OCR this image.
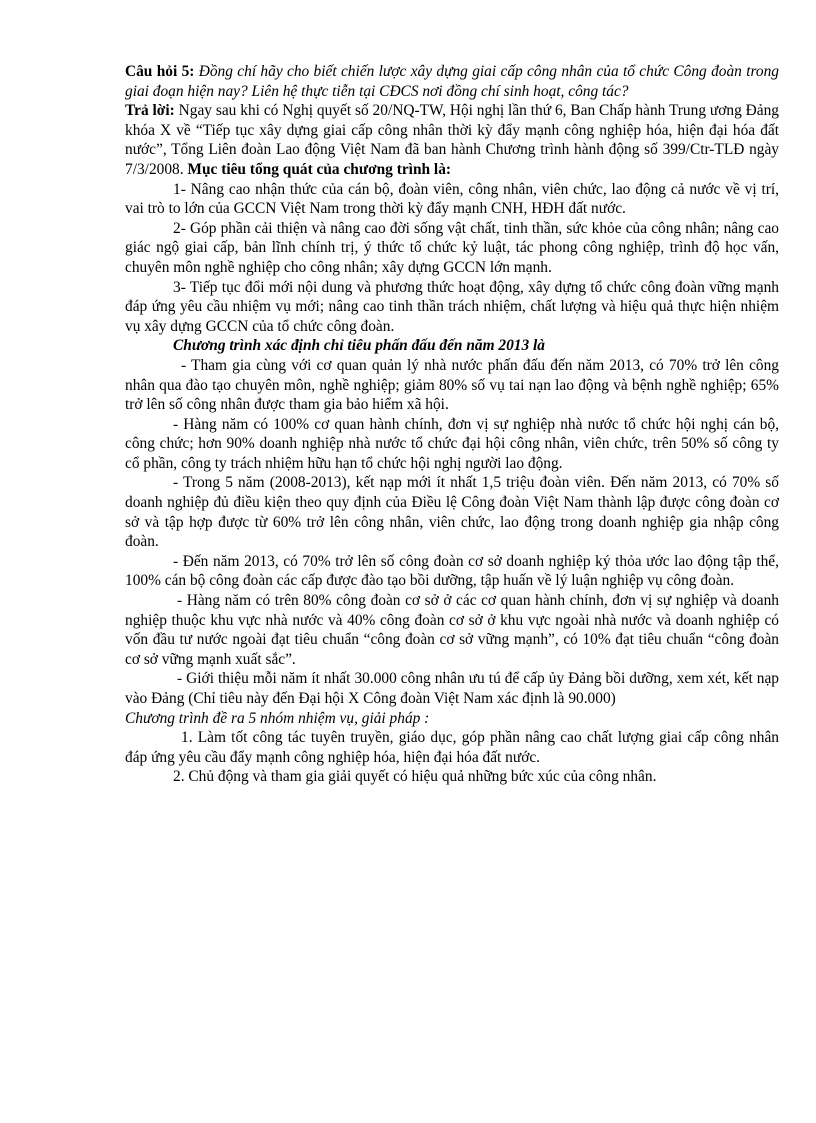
Câu hỏi 5: Đồng chí hãy cho biết chiến lược xây dựng giai cấp công nhân của tổ chức Công đoàn trong giai đoạn hiện nay? Liên hệ thực tiễn tại CĐCS nơi đồng chí sinh hoạt, công tác?

Trả lời: Ngay sau khi có Nghị quyết số 20/NQ-TW, Hội nghị lần thứ 6, Ban Chấp hành Trung ương Đảng khóa X về “Tiếp tục xây dựng giai cấp công nhân thời kỳ đẩy mạnh công nghiệp hóa, hiện đại hóa đất nước”, Tổng Liên đoàn Lao động Việt Nam đã ban hành Chương trình hành động số 399/Ctr-TLĐ ngày 7/3/2008. Mục tiêu tổng quát của chương trình là:

1- Nâng cao nhận thức của cán bộ, đoàn viên, công nhân, viên chức, lao động cả nước về vị trí, vai trò to lớn của GCCN Việt Nam trong thời kỳ đẩy mạnh CNH, HĐH đất nước.

2- Góp phần cải thiện và nâng cao đời sống vật chất, tinh thần, sức khỏe của công nhân; nâng cao giác ngộ giai cấp, bản lĩnh chính trị, ý thức tổ chức kỷ luật, tác phong công nghiệp, trình độ học vấn, chuyên môn nghề nghiệp cho công nhân; xây dựng GCCN lớn mạnh.

3- Tiếp tục đổi mới nội dung và phương thức hoạt động, xây dựng tổ chức công đoàn vững mạnh đáp ứng yêu cầu nhiệm vụ mới; nâng cao tinh thần trách nhiệm, chất lượng và hiệu quả thực hiện nhiệm vụ xây dựng GCCN của tổ chức công đoàn.

Chương trình xác định chỉ tiêu phấn đấu đến năm 2013 là

- Tham gia cùng với cơ quan quản lý nhà nước phấn đấu đến năm 2013, có 70% trở lên công nhân qua đào tạo chuyên môn, nghề nghiệp; giảm 80% số vụ tai nạn lao động và bệnh nghề nghiệp; 65% trở lên số công nhân được tham gia bảo hiểm xã hội.

- Hàng năm có 100% cơ quan hành chính, đơn vị sự nghiệp nhà nước tổ chức hội nghị cán bộ, công chức; hơn 90% doanh nghiệp nhà nước tổ chức đại hội công nhân, viên chức, trên 50% số công ty cổ phần, công ty trách nhiệm hữu hạn tổ chức hội nghị người lao động.

- Trong 5 năm (2008-2013), kết nạp mới ít nhất 1,5 triệu đoàn viên. Đến năm 2013, có 70% số doanh nghiệp đủ điều kiện theo quy định của Điều lệ Công đoàn Việt Nam thành lập được công đoàn cơ sở và tập hợp được từ 60% trở lên công nhân, viên chức, lao động trong doanh nghiệp gia nhập công đoàn.

- Đến năm 2013, có 70% trở lên số công đoàn cơ sở doanh nghiệp ký thỏa ước lao động tập thể, 100% cán bộ công đoàn các cấp được đào tạo bồi dưỡng, tập huấn về lý luận nghiệp vụ công đoàn.

- Hàng năm có trên 80% công đoàn cơ sở ở các cơ quan hành chính, đơn vị sự nghiệp và doanh nghiệp thuộc khu vực nhà nước và 40% công đoàn cơ sở ở khu vực ngoài nhà nước và doanh nghiệp có vốn đầu tư nước ngoài đạt tiêu chuẩn “công đoàn cơ sở vững mạnh”, có 10% đạt tiêu chuẩn “công đoàn cơ sở vững mạnh xuất sắc”.

- Giới thiệu mỗi năm ít nhất 30.000 công nhân ưu tú để cấp ủy Đảng bồi dưỡng, xem xét, kết nạp vào Đảng (Chỉ tiêu này đến Đại hội X Công đoàn Việt Nam xác định là 90.000)

Chương trình đề ra 5 nhóm nhiệm vụ, giải pháp :

1. Làm tốt công tác tuyên truyền, giáo dục, góp phần nâng cao chất lượng giai cấp công nhân đáp ứng yêu cầu đẩy mạnh công nghiệp hóa, hiện đại hóa đất nước.

2. Chủ động và tham gia giải quyết có hiệu quả những bức xúc của công nhân.
